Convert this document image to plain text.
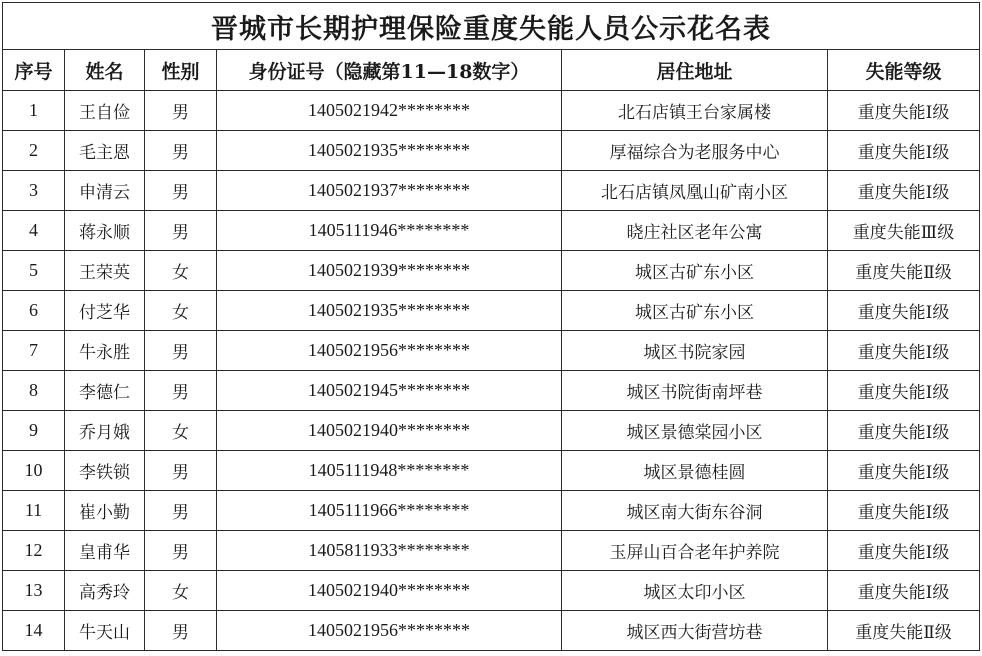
晋城市长期护理保险重度失能人员公示花名表					
序号	姓名	性别	身份证号（隐藏第11—18数字）	居住地址	失能等级
1	王自俭	男	1405021942********	北石店镇王台家属楼	重度失能Ⅰ级
2	毛主恩	男	1405021935********	厚福综合为老服务中心	重度失能Ⅰ级
3	申清云	男	1405021937********	北石店镇凤凰山矿南小区	重度失能Ⅰ级
4	蒋永顺	男	1405111946********	晓庄社区老年公寓	重度失能Ⅲ级
5	王荣英	女	1405021939********	城区古矿东小区	重度失能Ⅱ级
6	付芝华	女	1405021935********	城区古矿东小区	重度失能Ⅰ级
7	牛永胜	男	1405021956********	城区书院家园	重度失能Ⅰ级
8	李德仁	男	1405021945********	城区书院街南坪巷	重度失能Ⅰ级
9	乔月娥	女	1405021940********	城区景德棠园小区	重度失能Ⅰ级
10	李铁锁	男	1405111948********	城区景德桂圆	重度失能Ⅰ级
11	崔小勤	男	1405111966********	城区南大街东谷洞	重度失能Ⅰ级
12	皇甫华	男	1405811933********	玉屏山百合老年护养院	重度失能Ⅰ级
13	高秀玲	女	1405021940********	城区太印小区	重度失能Ⅰ级
14	牛天山	男	1405021956********	城区西大街营坊巷	重度失能Ⅱ级
